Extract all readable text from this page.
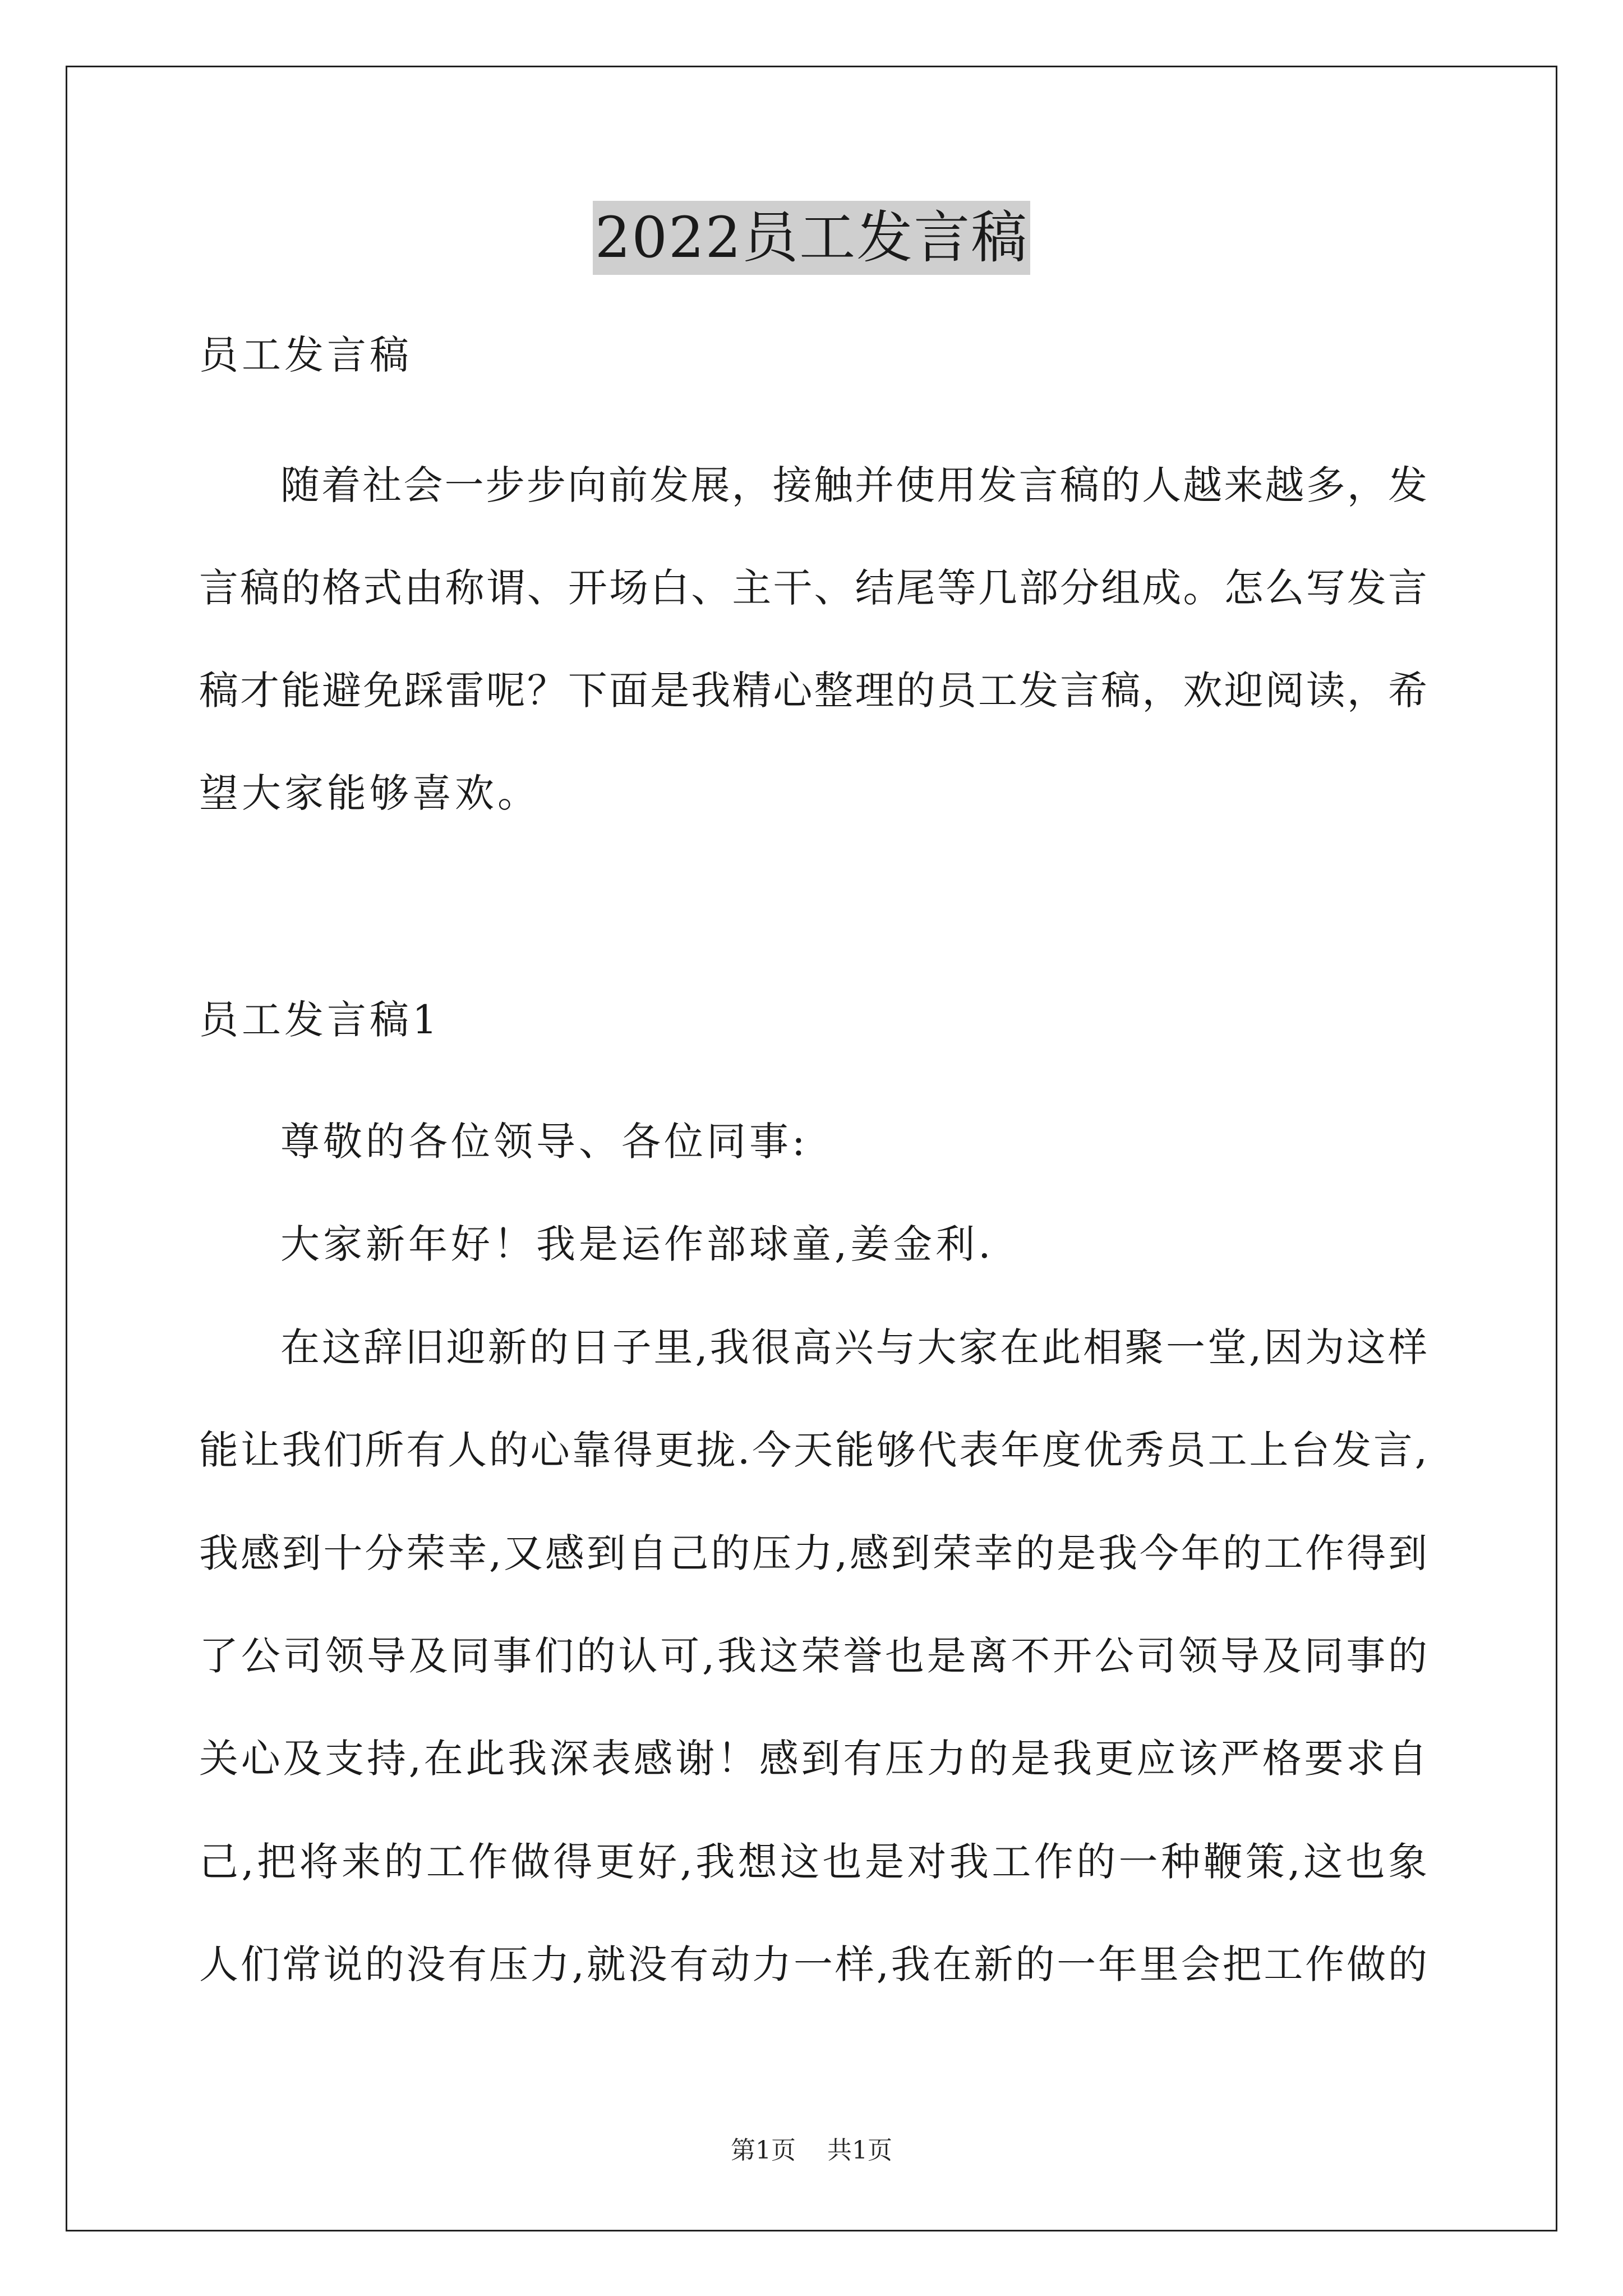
2022员工发言稿
员工发言稿
随着社会一步步向前发展，接触并使用发言稿的人越来越多，发
言稿的格式由称谓、开场白、主干、结尾等几部分组成。怎么写发言
稿才能避免踩雷呢？下面是我精心整理的员工发言稿，欢迎阅读，希
望大家能够喜欢。
员工发言稿1
尊敬的各位领导、各位同事:
大家新年好！我是运作部球童,姜金利.
在这辞旧迎新的日子里,我很高兴与大家在此相聚一堂,因为这样
能让我们所有人的心靠得更拢.今天能够代表年度优秀员工上台发言,
我感到十分荣幸,又感到自己的压力,感到荣幸的是我今年的工作得到
了公司领导及同事们的认可,我这荣誉也是离不开公司领导及同事的
关心及支持,在此我深表感谢！感到有压力的是我更应该严格要求自
己,把将来的工作做得更好,我想这也是对我工作的一种鞭策,这也象
人们常说的没有压力,就没有动力一样,我在新的一年里会把工作做的
第1页 共1页
